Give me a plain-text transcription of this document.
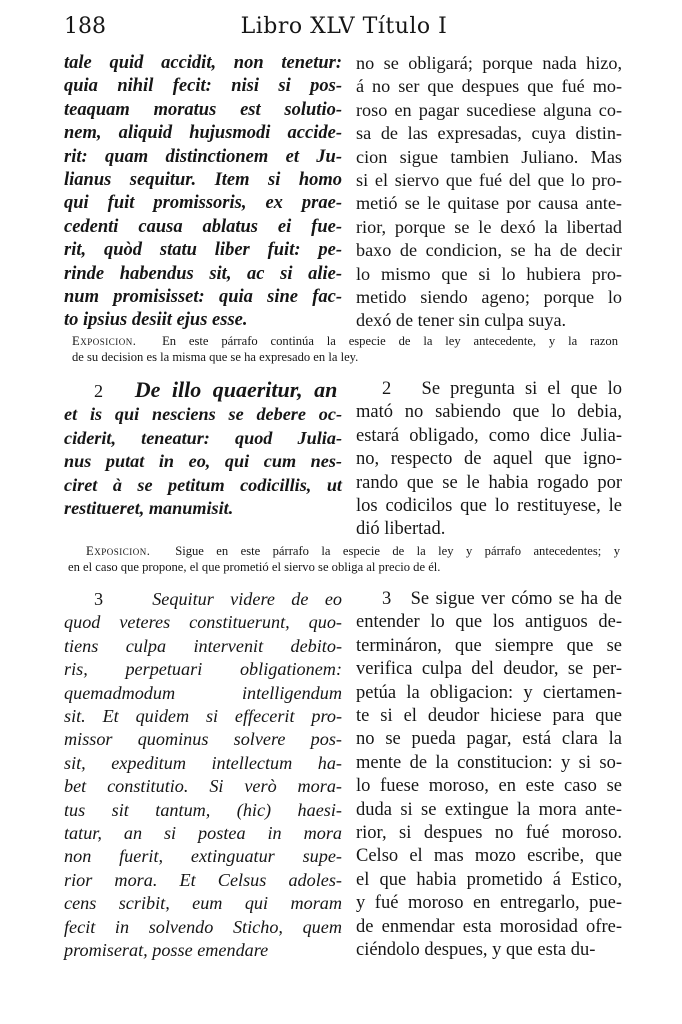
188	Libro XLV Título I
tale quid accidit, non tenetur:
quia nihil fecit: nisi si pos-
teaquam moratus est solutio-
nem, aliquid hujusmodi accide-
rit: quam distinctionem et Ju-
lianus sequitur. Item si homo
qui fuit promissoris, ex prae-
cedenti causa ablatus ei fue-
rit, quòd statu liber fuit: pe-
rinde habendus sit, ac si alie-
num promisisset: quia sine fac-
to ipsius desiit ejus esse.
no se obligará; porque nada hizo,
á no ser que despues que fué mo-
roso en pagar sucediese alguna co-
sa de las expresadas, cuya distin-
cion sigue tambien Juliano. Mas
si el siervo que fué del que lo pro-
metió se le quitase por causa ante-
rior, porque se le dexó la libertad
baxo de condicion, se ha de decir
lo mismo que si lo hubiera pro-
metido siendo ageno; porque lo
dexó de tener sin culpa suya.
Exposicion. En este párrafo continúa la especie de la ley antecedente, y la razon
de su decision es la misma que se ha expresado en la ley.
2 De illo quaeritur, an
et is qui nesciens se debere oc-
ciderit, teneatur: quod Julia-
nus putat in eo, qui cum nes-
ciret à se petitum codicillis, ut
restitueret, manumisit.
2 Se pregunta si el que lo
mató no sabiendo que lo debia,
estará obligado, como dice Julia-
no, respecto de aquel que igno-
rando que se le habia rogado por
los codicilos que lo restituyese, le
dió libertad.
Exposicion. Sigue en este párrafo la especie de la ley y párrafo antecedentes; y
en el caso que propone, el que prometió el siervo se obliga al precio de él.
3	Sequitur videre de eo
quod veteres constituerunt, quo-
tiens culpa intervenit debito-
ris, perpetuari obligationem:
quemadmodum intelligendum
sit. Et quidem si effecerit pro-
missor quominus solvere pos-
sit, expeditum intellectum ha-
bet constitutio. Si verò mora-
tus sit tantum, (hic) haesi-
tatur, an si postea in mora
non fuerit, extinguatur supe-
rior mora. Et Celsus adoles-
cens scribit, eum qui moram
fecit in solvendo Sticho, quem
promiserat, posse emendare
3 Se sigue ver cómo se ha de
entender lo que los antiguos de-
termináron, que siempre que se
verifica culpa del deudor, se per-
petúa la obligacion: y ciertamen-
te si el deudor hiciese para que
no se pueda pagar, está clara la
mente de la constitucion: y si so-
lo fuese moroso, en este caso se
duda si se extingue la mora ante-
rior, si despues no fué moroso.
Celso el mas mozo escribe, que
el que habia prometido á Estico,
y fué moroso en entregarlo, pue-
de enmendar esta morosidad ofre-
ciéndolo despues, y que esta du-
